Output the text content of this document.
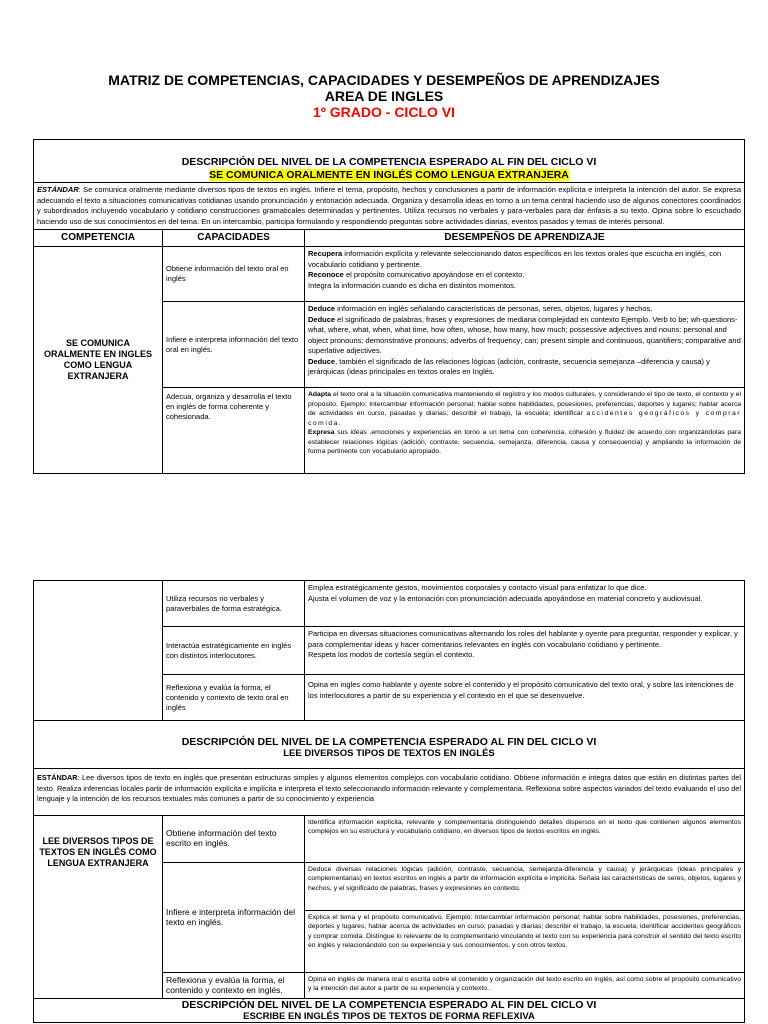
MATRIZ DE COMPETENCIAS, CAPACIDADES Y DESEMPEÑOS DE APRENDIZAJES
AREA DE INGLES
1º GRADO - CICLO VI
DESCRIPCIÓN DEL NIVEL DE LA COMPETENCIA ESPERADO AL FIN DEL CICLO VI
SE COMUNICA ORALMENTE EN INGLÉS COMO LENGUA EXTRANJERA		

ESTÁNDAR: Se comunica oralmente mediante diversos tipos de textos en inglés. Infiere el tema, propósito, hechos y conclusiones a partir de información explícita e interpreta la intención del autor. Se expresa adecuando el texto a situaciones comunicativas cotidianas usando pronunciación y entonación adecuada. Organiza y desarrolla ideas en torno a un tema central haciendo uso de algunos conectores coordinados y subordinados incluyendo vocabulario y cotidiano construcciones gramaticales determinadas y pertinentes. Utiliza recursos no verbales y para-verbales para dar énfasis a su texto. Opina sobre lo escuchado haciendo uso de sus conocimientos en del tema. En un intercambio, participa formulando y respondiendo preguntas sobre actividades diarias, eventos pasados y temas de interés personal.		
COMPETENCIA	CAPACIDADES	DESEMPEÑOS DE APRENDIZAJE
SE COMUNICA ORALMENTE EN INGLES COMO LENGUA EXTRANJERA	Obtiene información del texto oral en inglés	Recupera información explícita y relevante seleccionando datos específicos en los textos orales que escucha en inglés, con vocabulario cotidiano y pertinente.
Reconoce el propósito comunicativo apoyándose en el contexto.
Integra la información cuando es dicha en distintos momentos.
	Infiere e interpreta información del texto oral en inglés.	Deduce información en inglés señalando características de personas, seres, objetos, lugares y hechos.
Deduce el significado de palabras, frases y expresiones de mediana complejidad en contexto Ejemplo. Verb to be; wh-questions- what, where, what, when, what time, how often, whose, how many, how much; possessive adjectives and nouns: personal and object pronouns; demonstrative pronouns; adverbs of frequency; can; present simple and continuous, quantifiers; comparative and superlative adjectives.
Deduce, también el significado de las relaciones lógicas (adición, contraste, secuencia semejanza –diferencia y causa) y jerárquicas (ideas principales en textos orales en Inglés.
	Adecua, organiza y desarrolla el texto en inglés de forma coherente y cohesionada.	Adapta el texto oral a la situación comunicativa manteniendo el registro y los modos culturales, y considerando el tipo de texto, el contexto y el propósito. Ejemplo: Intercambiar información personal; hablar sobre habilidades, posesiones, preferencias, deportes y lugares; hablar acerca de actividades en curso, pasadas y diarias; describir el trabajo, la escuela; identificar accidentes geográficos y comprar comida.
Expresa sus ideas ,emociones y experiencias en torno a un tema con coherencia, cohesión y fluidez de acuerdo con organizándolas para establecer relaciones lógicas (adición, contraste, secuencia, semejanza, diferencia, causa y consecuencia) y ampliando la información de forma pertinente con vocabulario apropiado.
	Utiliza recursos no verbales y paraverbales de forma estratégica.	Emplea estratégicamente gestos, movimientos corporales y contacto visual para enfatizar lo que dice.
Ajusta el volumen de voz y la entonación con pronunciación adecuada apoyándose en material concreto y audiovisual.
	Interactúa estratégicamente en inglés con distintos interlocutores.	Participa en diversas situaciones comunicativas alternando los roles del hablante y oyente para preguntar, responder y explicar, y para complementar ideas y hacer comentarios relevantes en inglés con vocabulario cotidiano y pertinente.
Respeta los modos de cortesía según el contexto.
	Reflexiona y evalúa la forma, el contenido y contexto de texto oral en inglés	Opina en ingles como hablante y oyente sobre el contenido y el propósito comunicativo del texto oral, y sobre las intenciones de los interlocutores a partir de su experiencia y el contexto en el que se desenvuelve.

DESCRIPCIÓN DEL NIVEL DE LA COMPETENCIA ESPERADO AL FIN DEL CICLO VI
LEE DIVERSOS TIPOS DE TEXTOS EN INGLÉS		

ESTÁNDAR: Lee diversos tipos de texto en inglés que presentan estructuras simples y algunos elementos complejos con vocabulario cotidiano. Obtiene información e integra datos que están en distintas partes del texto. Realiza inferencias locales partir de información explícita e implícita e interpreta el texto seleccionando información relevante y complementaria. Reflexiona sobre aspectos variados del texto evaluando el uso del lenguaje y la intención de los recursos textuales más comunes a partir de su conocimiento y experiencia		
LEE DIVERSOS TIPOS DE TEXTOS EN INGLÉS COMO LENGUA EXTRANJERA	Obtiene información del texto escrito en inglés.	Identifica información explícita, relevante y complementaria distinguiendo detalles dispersos en el texto que contienen algunos elementos complejos en su estructura y vocabulario cotidiano, en diversos tipos de textos escritos en inglés.
	Infiere e interpreta información del texto en inglés.	Deduce diversas relaciones lógicas (adición, contraste, secuencia, semejanza-diferencia y causa) y jerárquicas (ideas principales y complementarias) en textos escritos en inglés a partir de información explícita e implícita. Señala las características de seres, objetos, lugares y hechos, y el significado de palabras, frases y expresiones en contexto.
		Explica el tema y el propósito comunicativo. Ejemplo: Intercambiar información personal; hablar sobre habilidades, posesiones, preferencias, deportes y lugares; hablar acerca de actividades en curso, pasadas y diarias; describir el trabajo, la escuela; identificar accidentes geográficos y comprar comida. Distingue lo relevante de lo complementario vinculando el texto con su experiencia para construir el sentido del texto escrito en inglés y relacionándolo con su experiencia y sus conocimientos, y con otros textos.
	Reflexiona y evalúa la forma, el contenido y contexto en inglés.	Opina en inglés de manera oral o escrita sobre el contenido y organización del texto escrito en inglés, así como sobre el propósito comunicativo y la intención del autor a partir de su experiencia y contexto .

DESCRIPCIÓN DEL NIVEL DE LA COMPETENCIA ESPERADO AL FIN DEL CICLO VI
ESCRIBE EN INGLÉS TIPOS DE TEXTOS DE FORMA REFLEXIVA		
